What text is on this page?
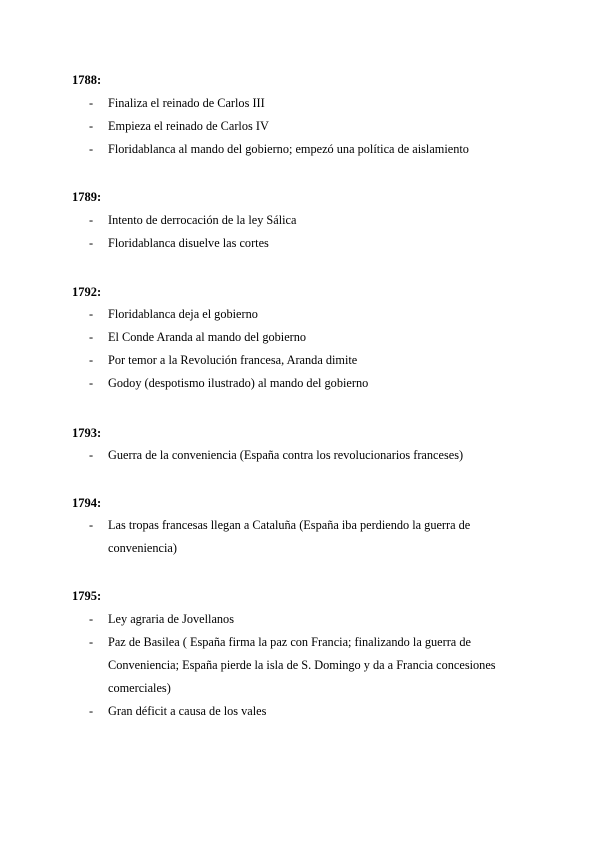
1788:
- Finaliza el reinado de Carlos III
- Empieza el reinado de Carlos IV
- Floridablanca al mando del gobierno; empezó una política de aislamiento
1789:
- Intento de derrocación de la ley Sálica
- Floridablanca disuelve las cortes
1792:
- Floridablanca deja el gobierno
- El Conde Aranda al mando del gobierno
- Por temor a la Revolución francesa, Aranda dimite
- Godoy (despotismo ilustrado) al mando del gobierno
1793:
- Guerra de la conveniencia (España contra los revolucionarios franceses)
1794:
- Las tropas francesas llegan a Cataluña (España iba perdiendo la guerra de conveniencia)
1795:
- Ley agraria de Jovellanos
- Paz de Basilea ( España firma la paz con Francia; finalizando la guerra de Conveniencia; España pierde la isla de S. Domingo y da a Francia concesiones comerciales)
- Gran déficit a causa de los vales
